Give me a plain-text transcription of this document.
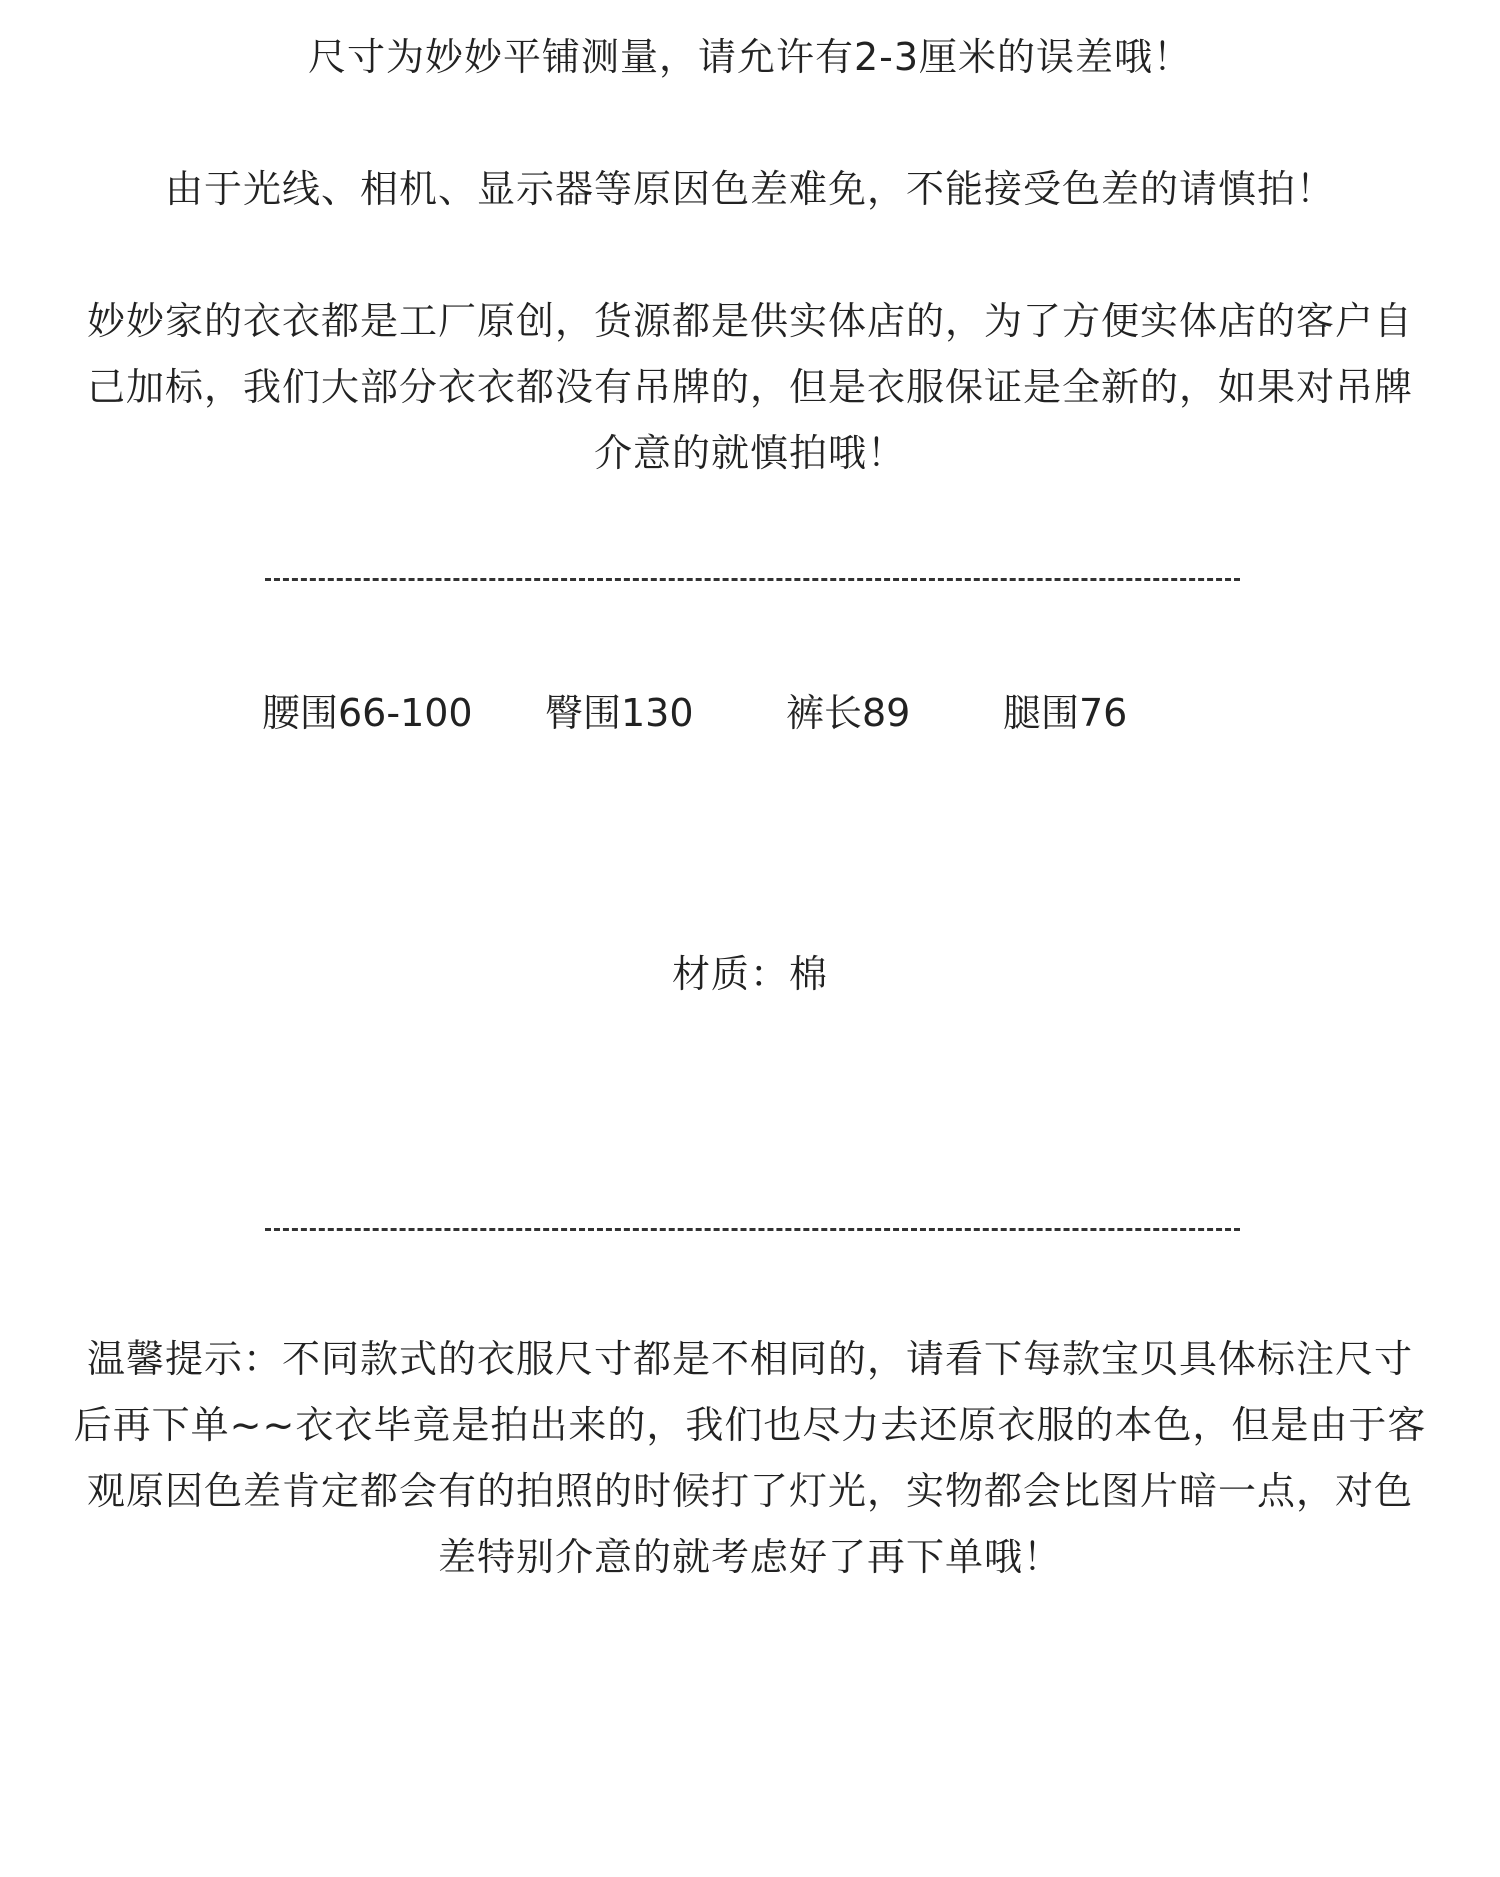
尺寸为妙妙平铺测量，请允许有2-3厘米的误差哦！
由于光线、相机、显示器等原因色差难免，不能接受色差的请慎拍！
妙妙家的衣衣都是工厂原创，货源都是供实体店的，为了方便实体店的客户自
己加标，我们大部分衣衣都没有吊牌的，但是衣服保证是全新的，如果对吊牌
介意的就慎拍哦！
腰围66-100 臀围130 裤长89 腿围76
材质：棉
温馨提示：不同款式的衣服尺寸都是不相同的，请看下每款宝贝具体标注尺寸
后再下单~~衣衣毕竟是拍出来的，我们也尽力去还原衣服的本色，但是由于客
观原因色差肯定都会有的拍照的时候打了灯光，实物都会比图片暗一点，对色
差特别介意的就考虑好了再下单哦！
